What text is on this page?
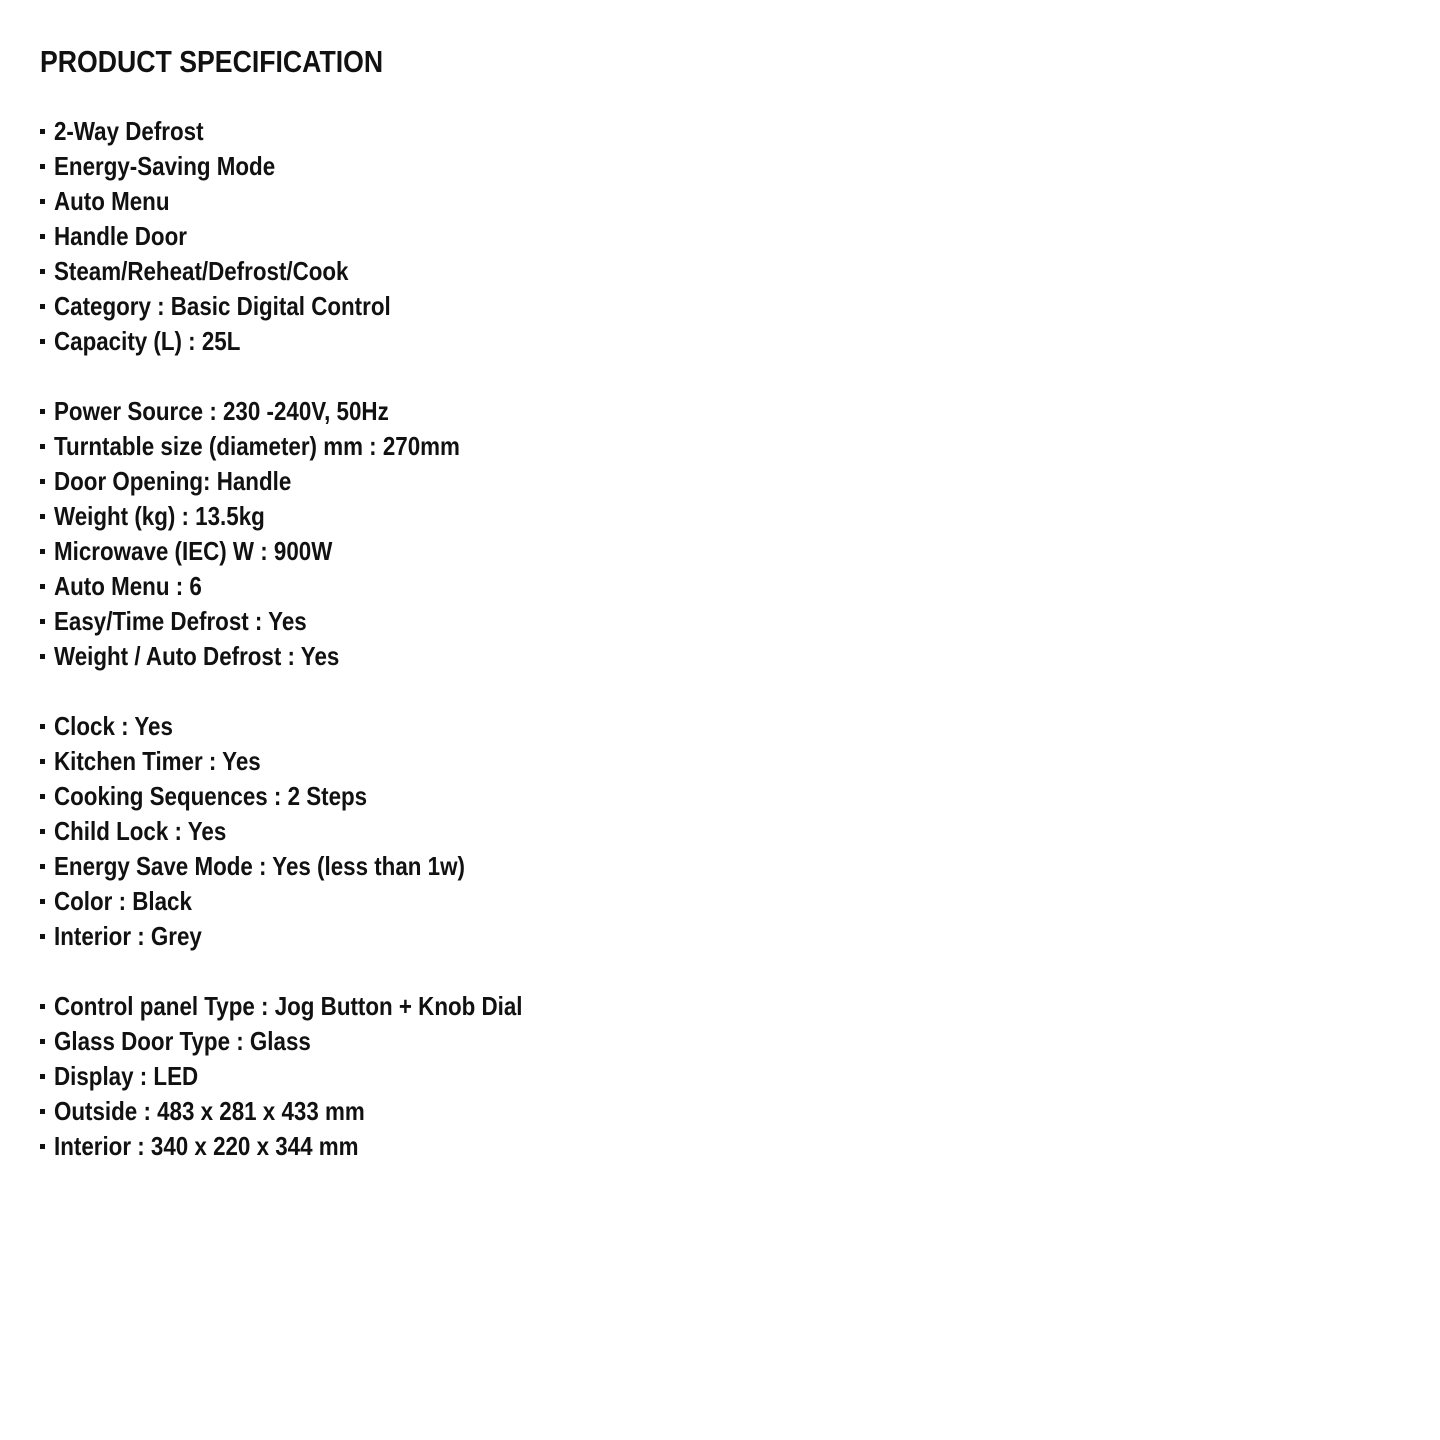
PRODUCT SPECIFICATION
2-Way Defrost
Energy-Saving Mode
Auto Menu
Handle Door
Steam/Reheat/Defrost/Cook
Category : Basic Digital Control
Capacity (L) : 25L
Power Source : 230 -240V, 50Hz
Turntable size (diameter) mm : 270mm
Door Opening: Handle
Weight (kg) : 13.5kg
Microwave (IEC) W : 900W
Auto Menu : 6
Easy/Time Defrost : Yes
Weight / Auto Defrost : Yes
Clock : Yes
Kitchen Timer : Yes
Cooking Sequences : 2 Steps
Child Lock : Yes
Energy Save Mode : Yes (less than 1w)
Color : Black
Interior : Grey
Control panel Type : Jog Button + Knob Dial
Glass Door Type : Glass
Display : LED
Outside : 483 x 281 x 433 mm
Interior : 340 x 220 x 344 mm
